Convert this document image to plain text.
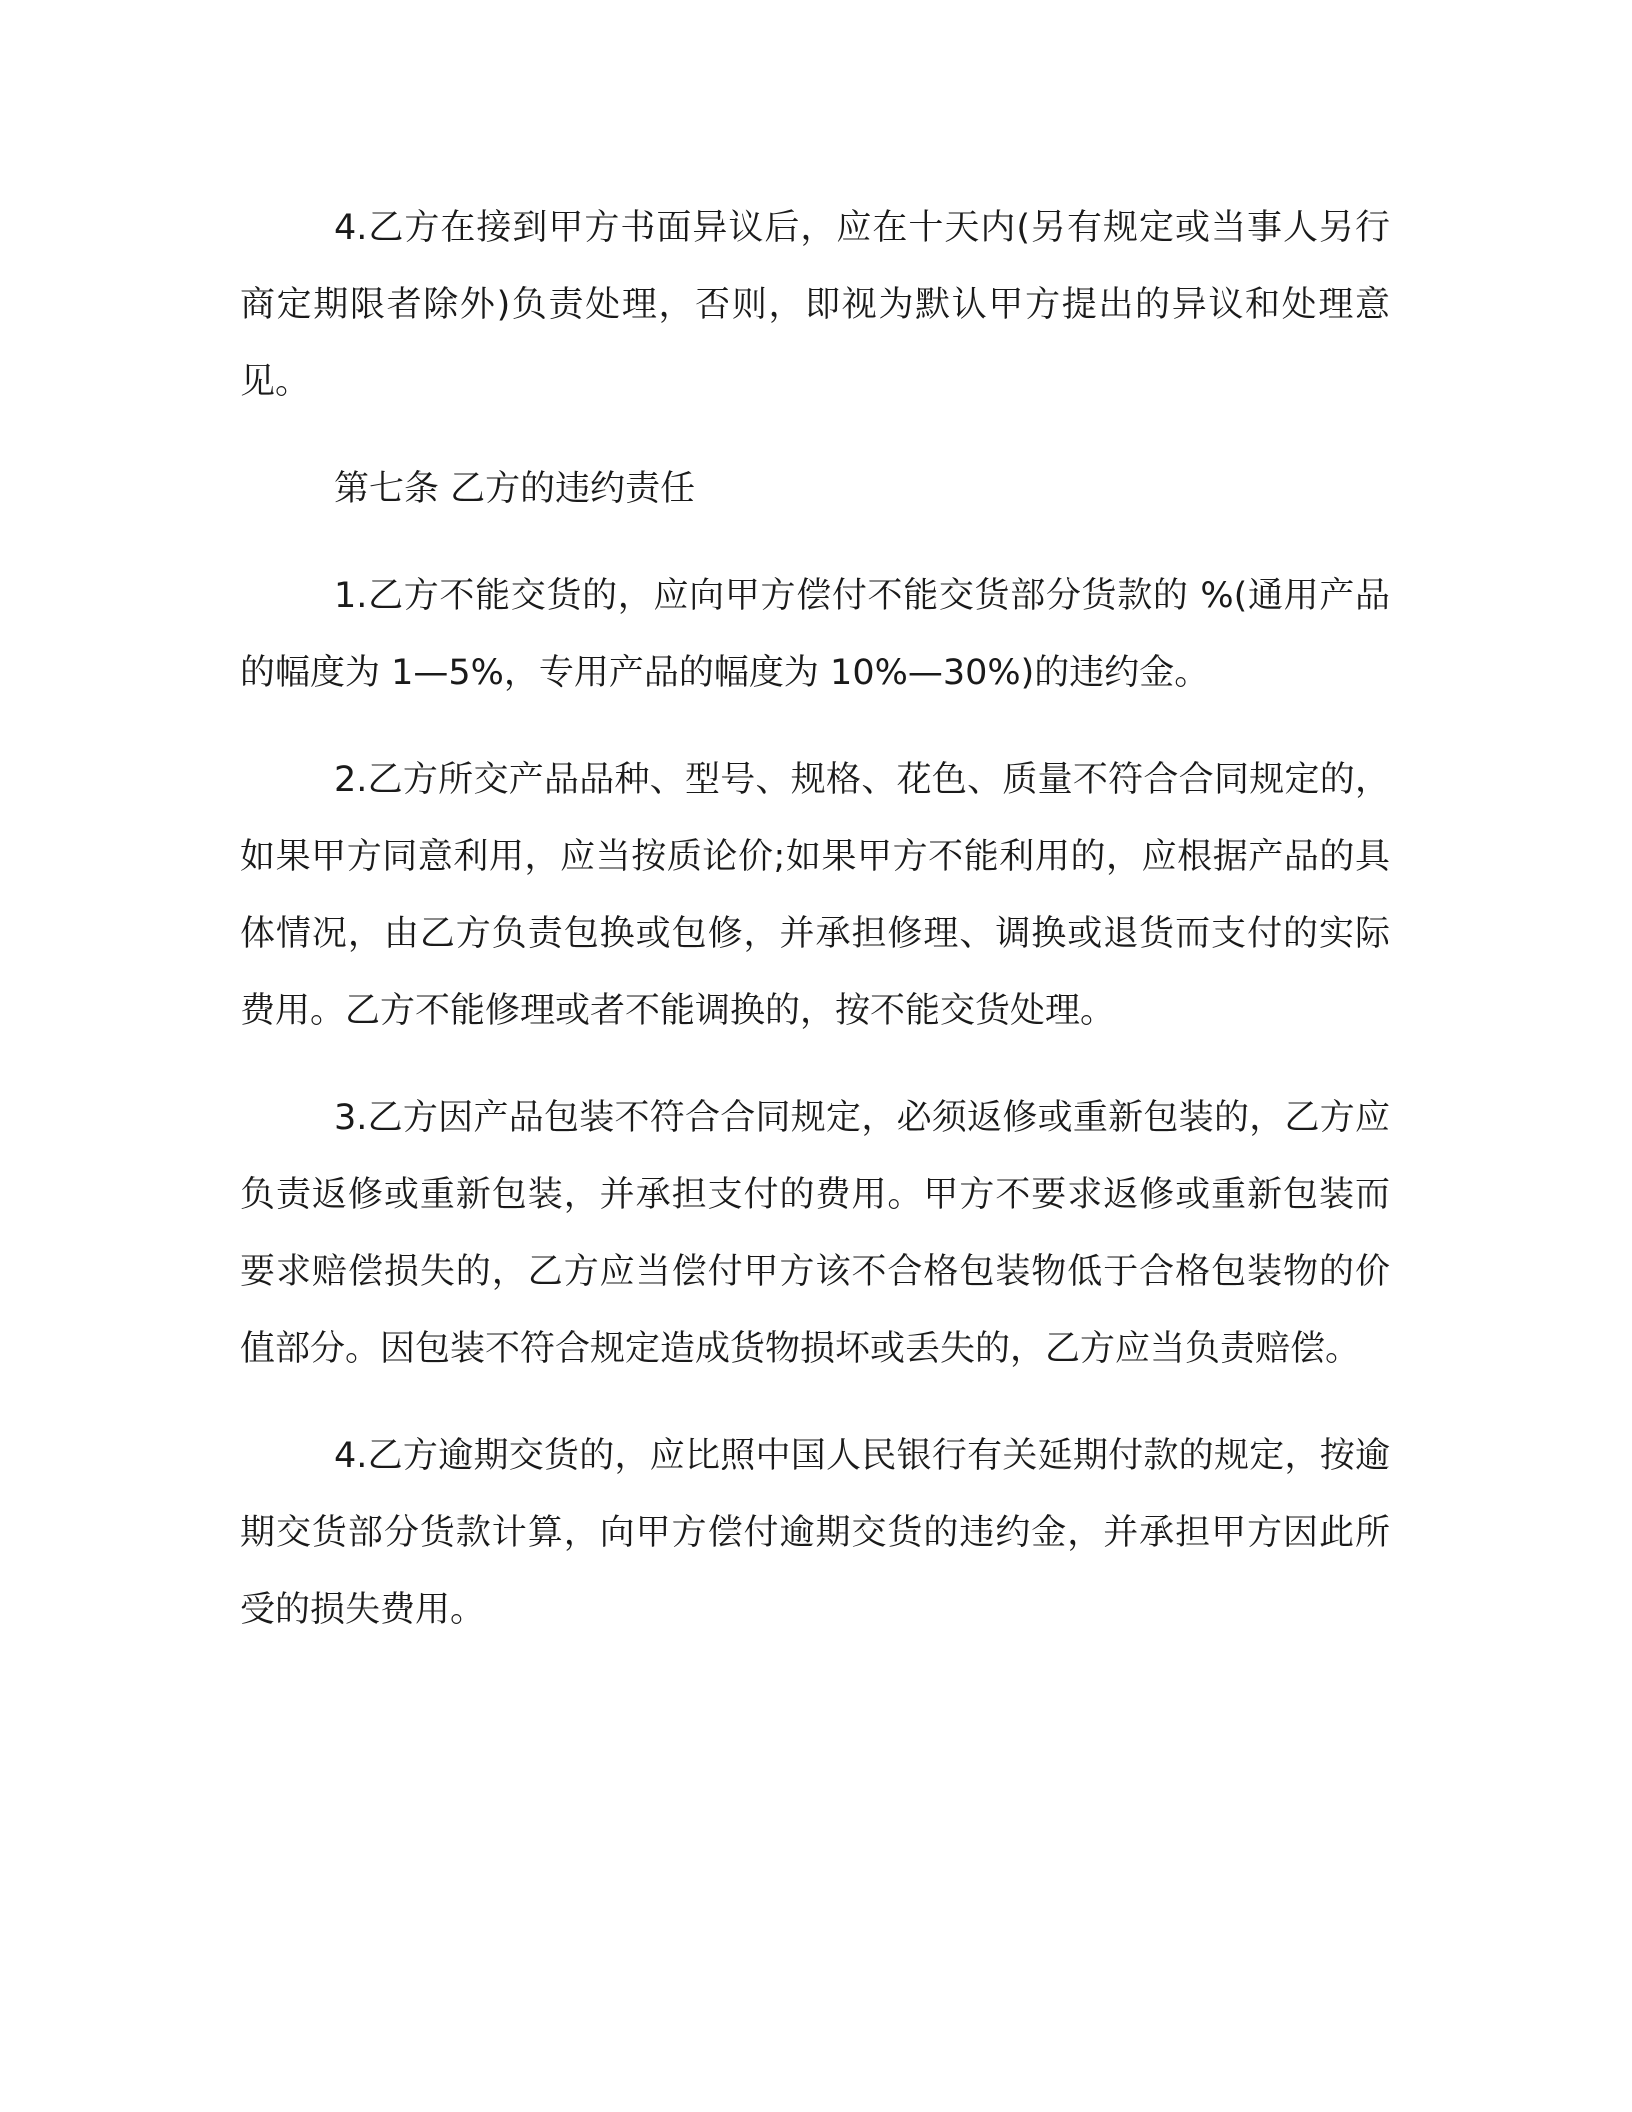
4.乙方在接到甲方书面异议后，应在十天内(另有规定或当事人另行商定期限者除外)负责处理，否则，即视为默认甲方提出的异议和处理意见。

第七条 乙方的违约责任

1.乙方不能交货的，应向甲方偿付不能交货部分货款的 %(通用产品的幅度为 1—5%，专用产品的幅度为 10%—30%)的违约金。

2.乙方所交产品品种、型号、规格、花色、质量不符合合同规定的，如果甲方同意利用，应当按质论价;如果甲方不能利用的，应根据产品的具体情况，由乙方负责包换或包修，并承担修理、调换或退货而支付的实际费用。乙方不能修理或者不能调换的，按不能交货处理。

3.乙方因产品包装不符合合同规定，必须返修或重新包装的，乙方应负责返修或重新包装，并承担支付的费用。甲方不要求返修或重新包装而要求赔偿损失的，乙方应当偿付甲方该不合格包装物低于合格包装物的价值部分。因包装不符合规定造成货物损坏或丢失的，乙方应当负责赔偿。

4.乙方逾期交货的，应比照中国人民银行有关延期付款的规定，按逾期交货部分货款计算，向甲方偿付逾期交货的违约金，并承担甲方因此所受的损失费用。
